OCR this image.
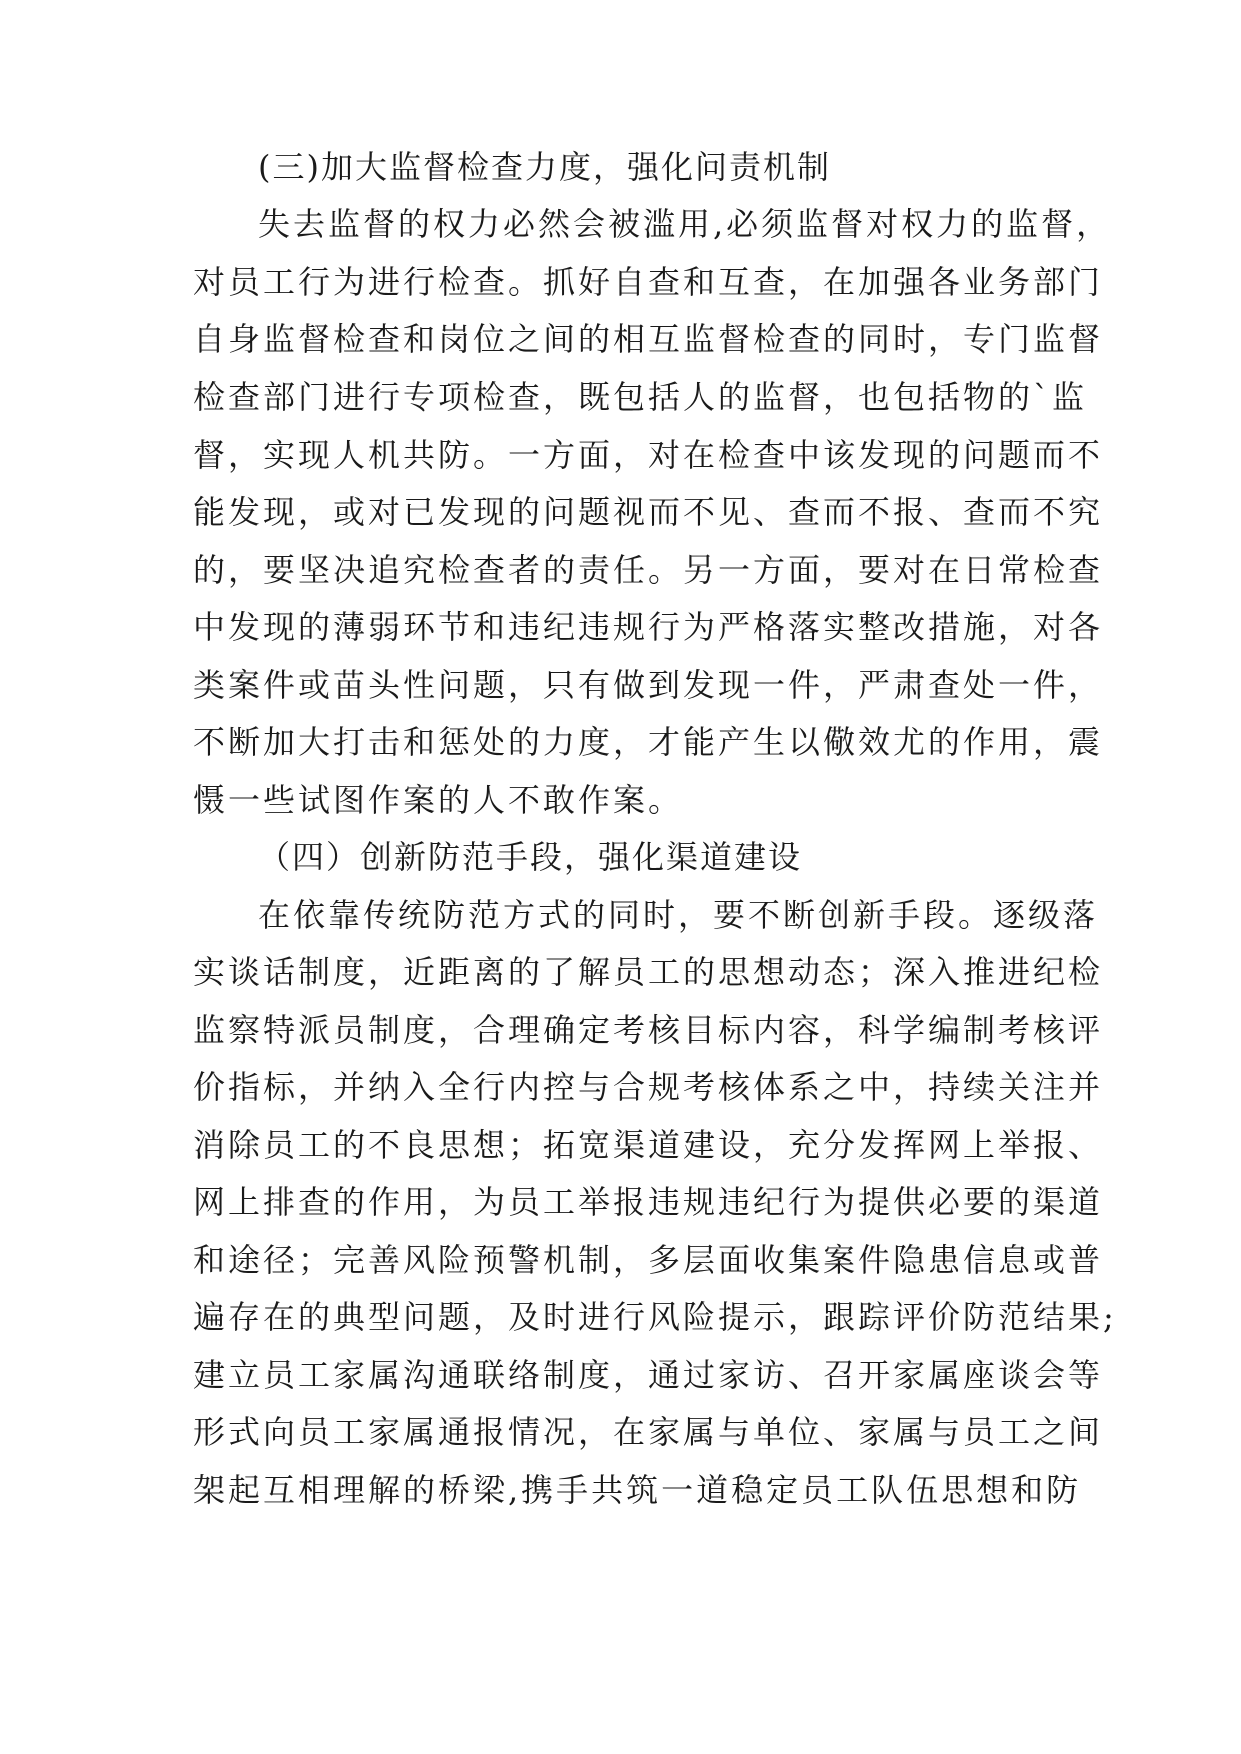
(三)加大监督检查力度，强化问责机制

失去监督的权力必然会被滥用,必须监督对权力的监督，

对员工行为进行检查。抓好自查和互查，在加强各业务部门

自身监督检查和岗位之间的相互监督检查的同时，专门监督

检查部门进行专项检查，既包括人的监督，也包括物的`监

督，实现人机共防。一方面，对在检查中该发现的问题而不

能发现，或对已发现的问题视而不见、查而不报、查而不究

的，要坚决追究检查者的责任。另一方面，要对在日常检查

中发现的薄弱环节和违纪违规行为严格落实整改措施，对各

类案件或苗头性问题，只有做到发现一件，严肃查处一件，

不断加大打击和惩处的力度，才能产生以儆效尤的作用，震

慑一些试图作案的人不敢作案。

（四）创新防范手段，强化渠道建设

在依靠传统防范方式的同时，要不断创新手段。逐级落

实谈话制度，近距离的了解员工的思想动态；深入推进纪检

监察特派员制度，合理确定考核目标内容，科学编制考核评

价指标，并纳入全行内控与合规考核体系之中，持续关注并

消除员工的不良思想；拓宽渠道建设，充分发挥网上举报、

网上排查的作用，为员工举报违规违纪行为提供必要的渠道

和途径；完善风险预警机制，多层面收集案件隐患信息或普

遍存在的典型问题，及时进行风险提示，跟踪评价防范结果;

建立员工家属沟通联络制度，通过家访、召开家属座谈会等

形式向员工家属通报情况，在家属与单位、家属与员工之间

架起互相理解的桥梁,携手共筑一道稳定员工队伍思想和防
